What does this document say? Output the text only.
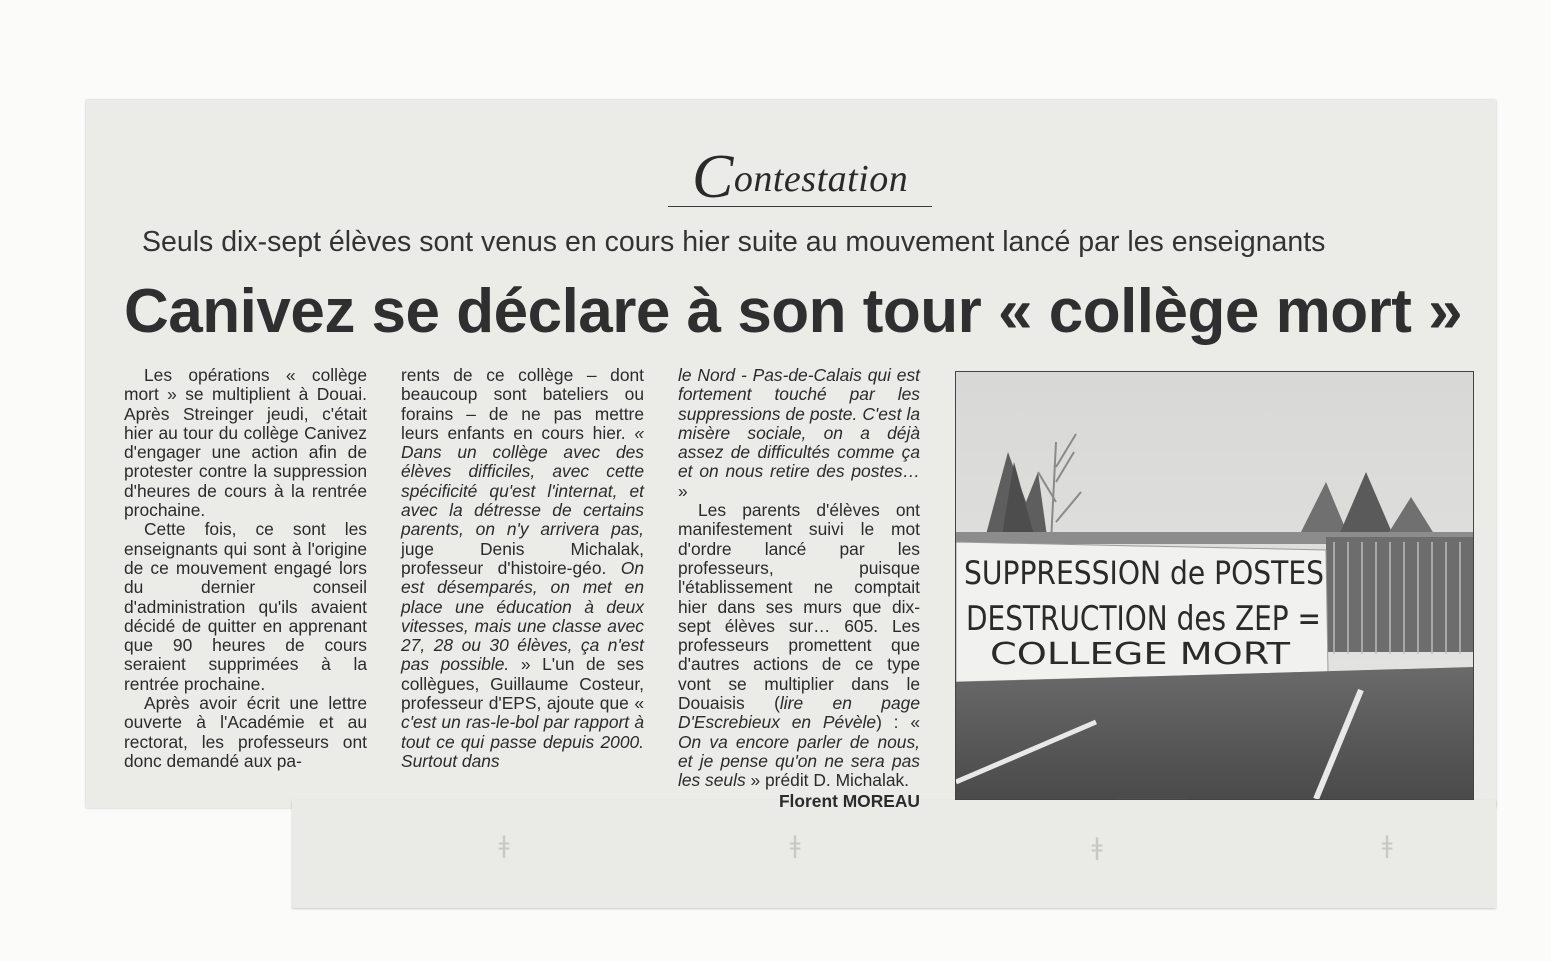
ǂ	ǂ	ǂ	ǂ
Contestation
Seuls dix-sept élèves sont venus en cours hier suite au mouvement lancé par les enseignants
Canivez se déclare à son tour « collège mort »

Les opérations « collège mort » se multiplient à Douai. Après Streinger jeudi, c'était hier au tour du collège Canivez d'engager une action afin de protester contre la suppression d'heures de cours à la rentrée prochaine.

Cette fois, ce sont les enseignants qui sont à l'origine de ce mouvement engagé lors du dernier conseil d'administration qu'ils avaient décidé de quitter en apprenant que 90 heures de cours seraient supprimées à la rentrée prochaine.

Après avoir écrit une lettre ouverte à l'Académie et au rectorat, les professeurs ont donc demandé aux pa-

rents de ce collège – dont beaucoup sont bateliers ou forains – de ne pas mettre leurs enfants en cours hier. « Dans un collège avec des élèves difficiles, avec cette spécificité qu'est l'internat, et avec la détresse de certains parents, on n'y arrivera pas, juge Denis Michalak, professeur d'histoire-géo. On est désemparés, on met en place une éducation à deux vitesses, mais une classe avec 27, 28 ou 30 élèves, ça n'est pas possible. » L'un de ses collègues, Guillaume Costeur, professeur d'EPS, ajoute que « c'est un ras-le-bol par rapport à tout ce qui passe depuis 2000. Surtout dans

le Nord - Pas-de-Calais qui est fortement touché par les suppressions de poste. C'est la misère sociale, on a déjà assez de difficultés comme ça et on nous retire des postes… »

Les parents d'élèves ont manifestement suivi le mot d'ordre lancé par les professeurs, puisque l'établissement ne comptait hier dans ses murs que dix-sept élèves sur… 605. Les professeurs promettent que d'autres actions de ce type vont se multiplier dans le Douaisis (lire en page D'Escrebieux en Pévèle) : « On va encore parler de nous, et je pense qu'on ne sera pas les seuls » prédit D. Michalak.

Florent MOREAU
SUPPRESSION de POSTES
DESTRUCTION des ZEP =
COLLEGE MORT
